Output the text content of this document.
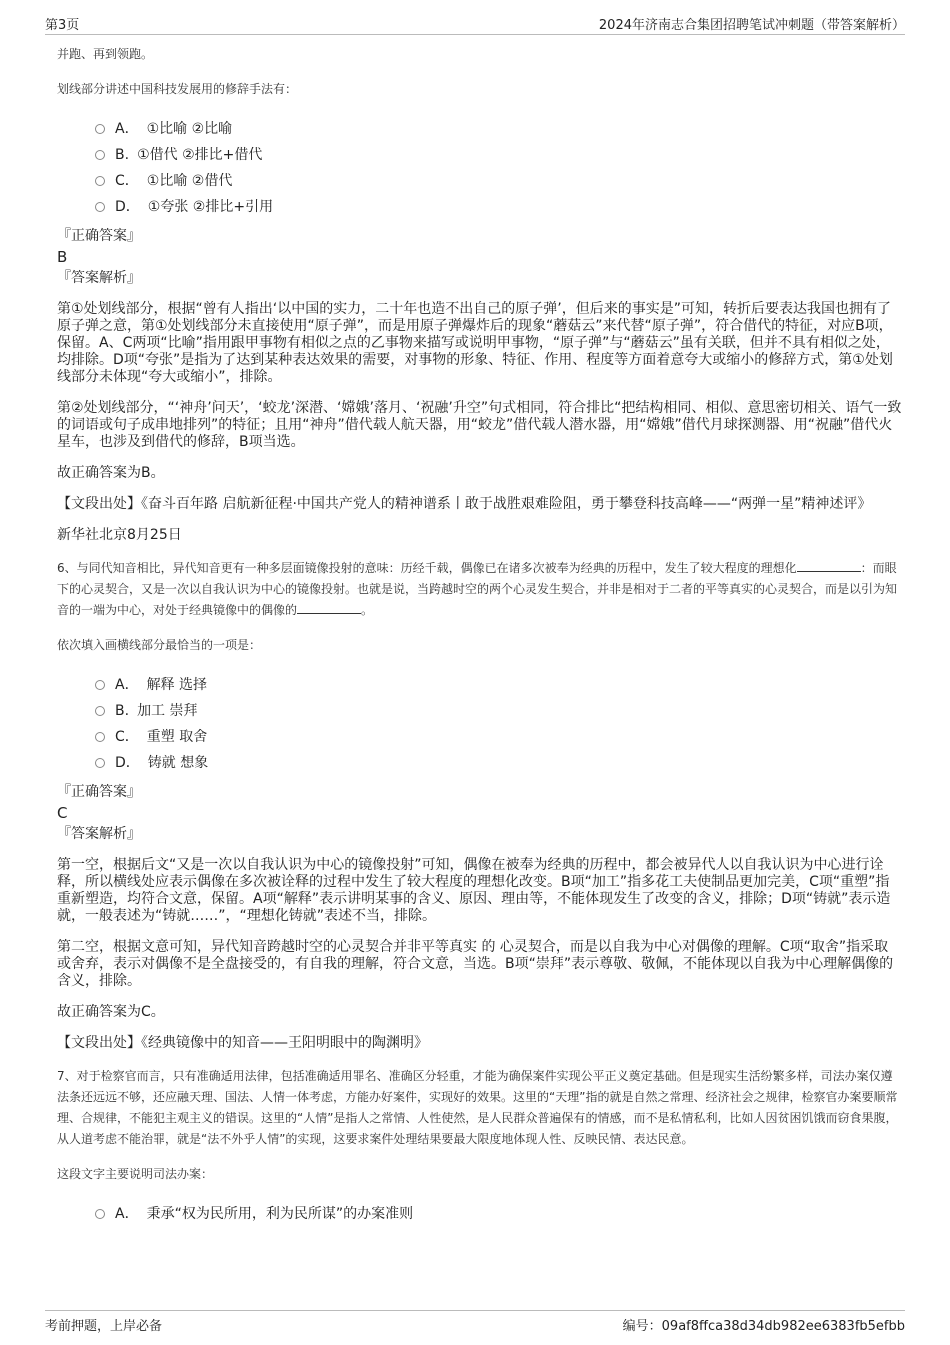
第3页	2024年济南志合集团招聘笔试冲刺题（带答案解析）
并跑、再到领跑。
划线部分讲述中国科技发展用的修辞手法有：
A． ①比喻 ②比喻
B. ①借代 ②排比+借代
C． ①比喻 ②借代
D． ①夸张 ②排比+引用
『正确答案』
B
『答案解析』
第①处划线部分，根据“曾有人指出‘以中国的实力，二十年也造不出自己的原子弹’，但后来的事实是”可知，转折后要表达我国也拥有了原子弹之意，第①处划线部分未直接使用“原子弹”，而是用原子弹爆炸后的现象“蘑菇云”来代替“原子弹”，符合借代的特征，对应B项，保留。A、C两项“比喻”指用跟甲事物有相似之点的乙事物来描写或说明甲事物，“原子弹”与“蘑菇云”虽有关联，但并不具有相似之处，均排除。D项“夸张”是指为了达到某种表达效果的需要，对事物的形象、特征、作用、程度等方面着意夸大或缩小的修辞方式，第①处划线部分未体现“夸大或缩小”，排除。
第②处划线部分，“‘神舟’问天’，‘蛟龙’深潜、‘嫦娥’落月、‘祝融’升空”句式相同，符合排比“把结构相同、相似、意思密切相关、语气一致的词语或句子成串地排列”的特征；且用“神舟”借代载人航天器，用“蛟龙”借代载人潜水器，用“嫦娥”借代月球探测器、用“祝融”借代火星车，也涉及到借代的修辞，B项当选。
故正确答案为B。
【文段出处】《奋斗百年路 启航新征程·中国共产党人的精神谱系丨敢于战胜艰难险阻，勇于攀登科技高峰——“两弹一星”精神述评》
新华社北京8月25日
6、与同代知音相比，异代知音更有一种多层面镜像投射的意味：历经千载，偶像已在诸多次被奉为经典的历程中，发生了较大程度的理想化	：而眼下的心灵契合，又是一次以自我认识为中心的镜像投射。也就是说，当跨越时空的两个心灵发生契合，并非是相对于二者的平等真实的心灵契合，而是以引为知音的一端为中心，对处于经典镜像中的偶像的	。
依次填入画横线部分最恰当的一项是：
A． 解释 选择
B. 加工 崇拜
C． 重塑 取舍
D． 铸就 想象
『正确答案』
C
『答案解析』
第一空，根据后文“又是一次以自我认识为中心的镜像投射”可知，偶像在被奉为经典的历程中，都会被异代人以自我认识为中心进行诠释，所以横线处应表示偶像在多次被诠释的过程中发生了较大程度的理想化改变。B项“加工”指多花工夫使制品更加完美，C项“重塑”指重新塑造，均符合文意，保留。A项“解释”表示讲明某事的含义、原因、理由等，不能体现发生了改变的含义，排除；D项“铸就”表示造就，一般表述为“铸就……”，“理想化铸就”表述不当，排除。
第二空，根据文意可知，异代知音跨越时空的心灵契合并非平等真实 的 心灵契合，而是以自我为中心对偶像的理解。C项“取舍”指采取或舍弃，表示对偶像不是全盘接受的，有自我的理解，符合文意，当选。B项“崇拜”表示尊敬、敬佩，不能体现以自我为中心理解偶像的含义，排除。
故正确答案为C。
【文段出处】《经典镜像中的知音——王阳明眼中的陶渊明》
7、对于检察官而言，只有准确适用法律，包括准确适用罪名、准确区分轻重，才能为确保案件实现公平正义奠定基础。但是现实生活纷繁多样，司法办案仅遵法条还远远不够，还应融天理、国法、人情一体考虑，方能办好案件，实现好的效果。这里的“天理”指的就是自然之常理、经济社会之规律，检察官办案要顺常理、合规律，不能犯主观主义的错误。这里的“人情”是指人之常情、人性使然，是人民群众普遍保有的情感，而不是私情私利，比如人因贫困饥饿而窃食果腹，从人道考虑不能治罪，就是“法不外乎人情”的实现，这要求案件处理结果要最大限度地体现人性、反映民情、表达民意。
这段文字主要说明司法办案：
A． 秉承“权为民所用，利为民所谋”的办案准则
考前押题，上岸必备	编号：09af8ffca38d34db982ee6383fb5efbb
